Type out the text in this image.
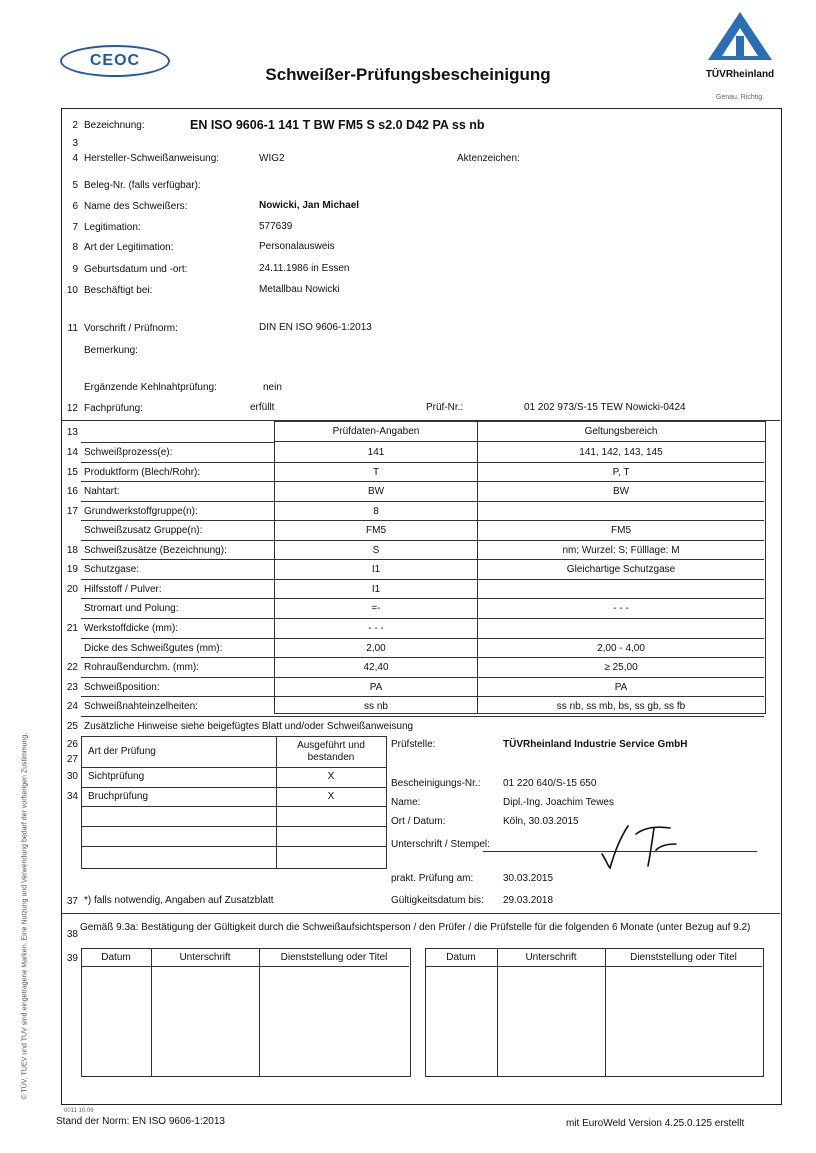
CEOC
Schweißer-Prüfungsbescheinigung	TÜVRheinland
Genau. Richtig.
© TÜV, TUEV und TUV sind eingetragene Marken. Eine Nutzung und Verwendung bedarf der vorherigen Zustimmung.
2 Bezeichnung:	EN ISO 9606-1 141 T BW FM5 S s2.0 D42 PA ss nb
3
4 Hersteller-Schweißanweisung:	WIG2	Aktenzeichen:
5 Beleg-Nr. (falls verfügbar):
6 Name des Schweißers:	Nowicki, Jan Michael
7 Legitimation:	577639
8 Art der Legitimation:	Personalausweis
9 Geburtsdatum und -ort:	24.11.1986 in Essen
10 Beschäftigt bei:	Metallbau Nowicki
11 Vorschrift / Prüfnorm:	DIN EN ISO 9606-1:2013
Bemerkung:
Ergänzende Kehlnahtprüfung:	nein
12 Fachprüfung:	erfüllt	Prüf-Nr.:	01 202 973/S-15 TEW Nowicki-0424
13	Prüfdaten-Angaben	Geltungsbereich
14 Schweißprozess(e):	141	141, 142, 143, 145
15 Produktform (Blech/Rohr):	T	P, T
16 Nahtart:	BW	BW
17 Grundwerkstoffgruppe(n):	8
Schweißzusatz Gruppe(n):	FM5	FM5
18 Schweißzusätze (Bezeichnung):	S	nm; Wurzel: S; Fülllage: M
19 Schutzgase:	I1	Gleichartige Schutzgase
20 Hilfsstoff / Pulver:	I1
Stromart und Polung:	=-	- - -
21 Werkstoffdicke (mm):	- - -
Dicke des Schweißgutes (mm):	2,00	2,00 - 4,00
22 Rohraußendurchm. (mm):	42,40	≥ 25,00
23 Schweißposition:	PA	PA
24 Schweißnahteinzelheiten:	ss nb	ss nb, ss mb, bs, ss gb, ss fb
25 Zusätzliche Hinweise siehe beigefügtes Blatt und/oder Schweißanweisung
26
27
Art der Prüfung
Ausgeführt und bestanden
30 Sichtprüfung	X
34 Bruchprüfung	X
Prüfstelle:	TÜVRheinland Industrie Service GmbH
Bescheinigungs-Nr.: 01 220 640/S-15 650
Name:	Dipl.-Ing. Joachim Tewes
Ort / Datum:	Köln, 30.03.2015
Unterschrift / Stempel:
prakt. Prüfung am:	30.03.2015
Gültigkeitsdatum bis: 29.03.2018
37 *) falls notwendig, Angaben auf Zusatzblatt
38
Gemäß 9.3a: Bestätigung der Gültigkeit durch die Schweißaufsichtsperson / den Prüfer / die Prüfstelle für die folgenden 6 Monate (unter Bezug auf 9.2)
39	Datum	Unterschrift	Dienststellung oder Titel	Datum	Unterschrift	Dienststellung oder Titel
0011 10.06
Stand der Norm: EN ISO 9606-1:2013	mit EuroWeld Version 4.25.0.125 erstellt
